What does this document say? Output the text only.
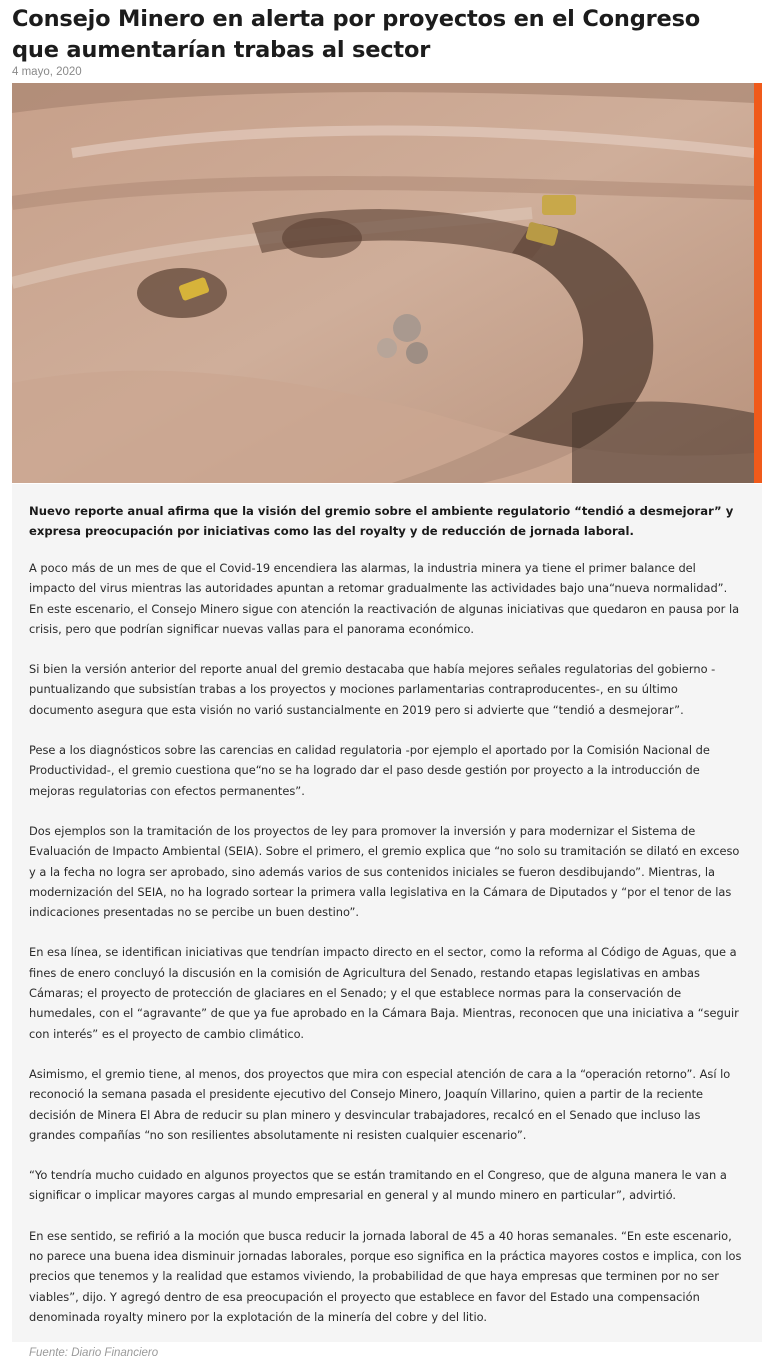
Consejo Minero en alerta por proyectos en el Congreso que aumentarían trabas al sector
4 mayo, 2020

Nuevo reporte anual afirma que la visión del gremio sobre el ambiente regulatorio “tendió a desmejorar” y expresa preocupación por iniciativas como las del royalty y de reducción de jornada laboral.

A poco más de un mes de que el Covid-19 encendiera las alarmas, la industria minera ya tiene el primer balance del impacto del virus mientras las autoridades apuntan a retomar gradualmente las actividades bajo una“nueva normalidad”. En este escenario, el Consejo Minero sigue con atención la reactivación de algunas iniciativas que quedaron en pausa por la crisis, pero que podrían significar nuevas vallas para el panorama económico.

Si bien la versión anterior del reporte anual del gremio destacaba que había mejores señales regulatorias del gobierno -puntualizando que subsistían trabas a los proyectos y mociones parlamentarias contraproducentes-, en su último documento asegura que esta visión no varió sustancialmente en 2019 pero si advierte que “tendió a desmejorar”.

Pese a los diagnósticos sobre las carencias en calidad regulatoria -por ejemplo el aportado por la Comisión Nacional de Productividad-, el gremio cuestiona que“no se ha logrado dar el paso desde gestión por proyecto a la introducción de mejoras regulatorias con efectos permanentes”.

Dos ejemplos son la tramitación de los proyectos de ley para promover la inversión y para modernizar el Sistema de Evaluación de Impacto Ambiental (SEIA). Sobre el primero, el gremio explica que “no solo su tramitación se dilató en exceso y a la fecha no logra ser aprobado, sino además varios de sus contenidos iniciales se fueron desdibujando”. Mientras, la modernización del SEIA, no ha logrado sortear la primera valla legislativa en la Cámara de Diputados y “por el tenor de las indicaciones presentadas no se percibe un buen destino”.

En esa línea, se identifican iniciativas que tendrían impacto directo en el sector, como la reforma al Código de Aguas, que a fines de enero concluyó la discusión en la comisión de Agricultura del Senado, restando etapas legislativas en ambas Cámaras; el proyecto de protección de glaciares en el Senado; y el que establece normas para la conservación de humedales, con el “agravante” de que ya fue aprobado en la Cámara Baja. Mientras, reconocen que una iniciativa a “seguir con interés” es el proyecto de cambio climático.

Asimismo, el gremio tiene, al menos, dos proyectos que mira con especial atención de cara a la “operación retorno”. Así lo reconoció la semana pasada el presidente ejecutivo del Consejo Minero, Joaquín Villarino, quien a partir de la reciente decisión de Minera El Abra de reducir su plan minero y desvincular trabajadores, recalcó en el Senado que incluso las grandes compañías “no son resilientes absolutamente ni resisten cualquier escenario”.

“Yo tendría mucho cuidado en algunos proyectos que se están tramitando en el Congreso, que de alguna manera le van a significar o implicar mayores cargas al mundo empresarial en general y al mundo minero en particular”, advirtió.

En ese sentido, se refirió a la moción que busca reducir la jornada laboral de 45 a 40 horas semanales. “En este escenario, no parece una buena idea disminuir jornadas laborales, porque eso significa en la práctica mayores costos e implica, con los precios que tenemos y la realidad que estamos viviendo, la probabilidad de que haya empresas que terminen por no ser viables”, dijo. Y agregó dentro de esa preocupación el proyecto que establece en favor del Estado una compensación denominada royalty minero por la explotación de la minería del cobre y del litio.

Fuente: Diario Financiero
